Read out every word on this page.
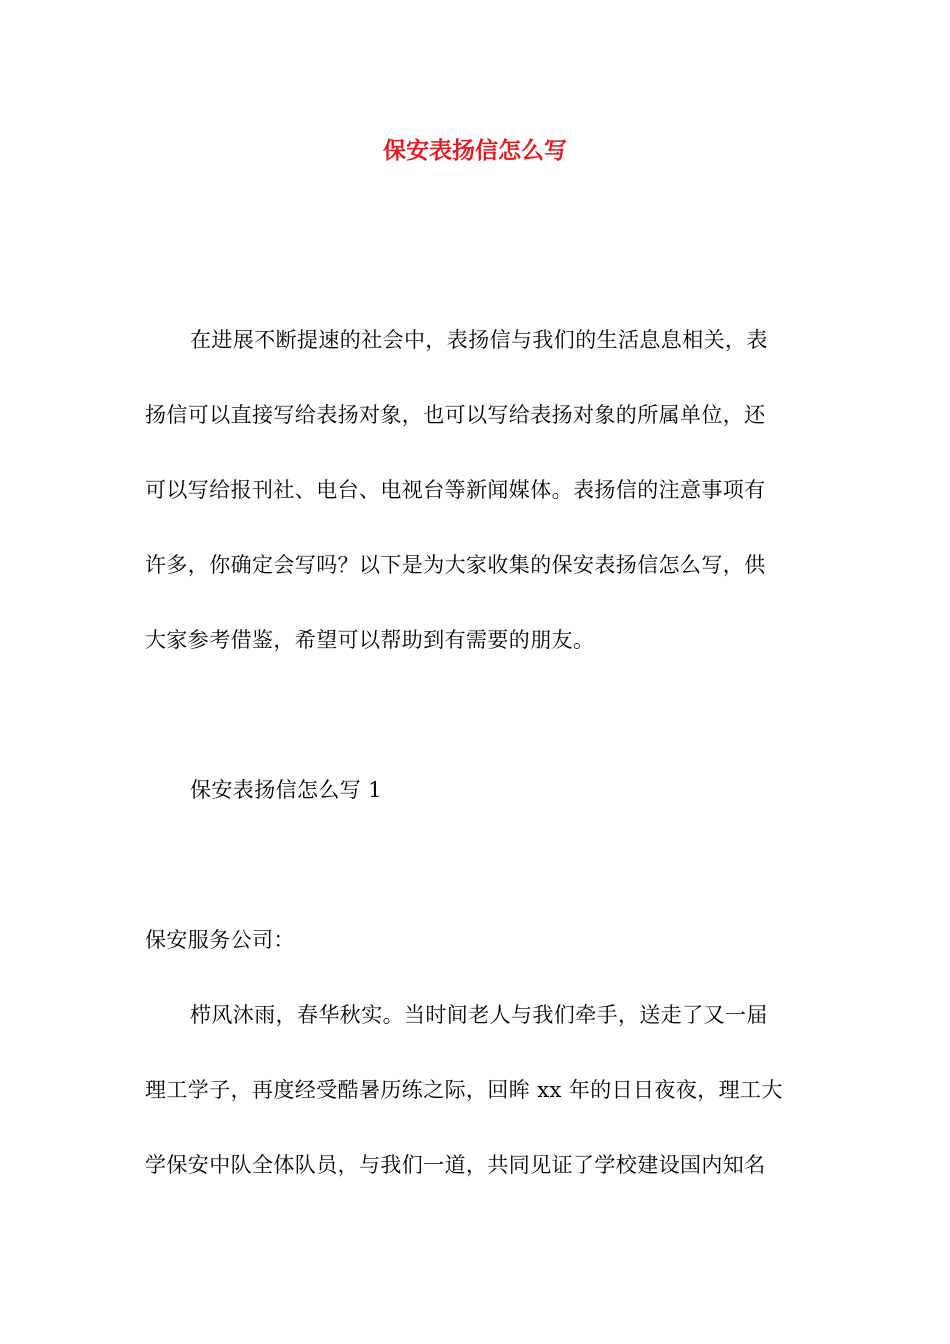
保安表扬信怎么写
在进展不断提速的社会中，表扬信与我们的生活息息相关，表
扬信可以直接写给表扬对象，也可以写给表扬对象的所属单位，还
可以写给报刊社、电台、电视台等新闻媒体。表扬信的注意事项有
许多，你确定会写吗？以下是为大家收集的保安表扬信怎么写，供
大家参考借鉴，希望可以帮助到有需要的朋友。
保安表扬信怎么写 1
保安服务公司：
栉风沐雨，春华秋实。当时间老人与我们牵手，送走了又一届
理工学子，再度经受酷暑历练之际，回眸 xx 年的日日夜夜，理工大
学保安中队全体队员，与我们一道，共同见证了学校建设国内知名
